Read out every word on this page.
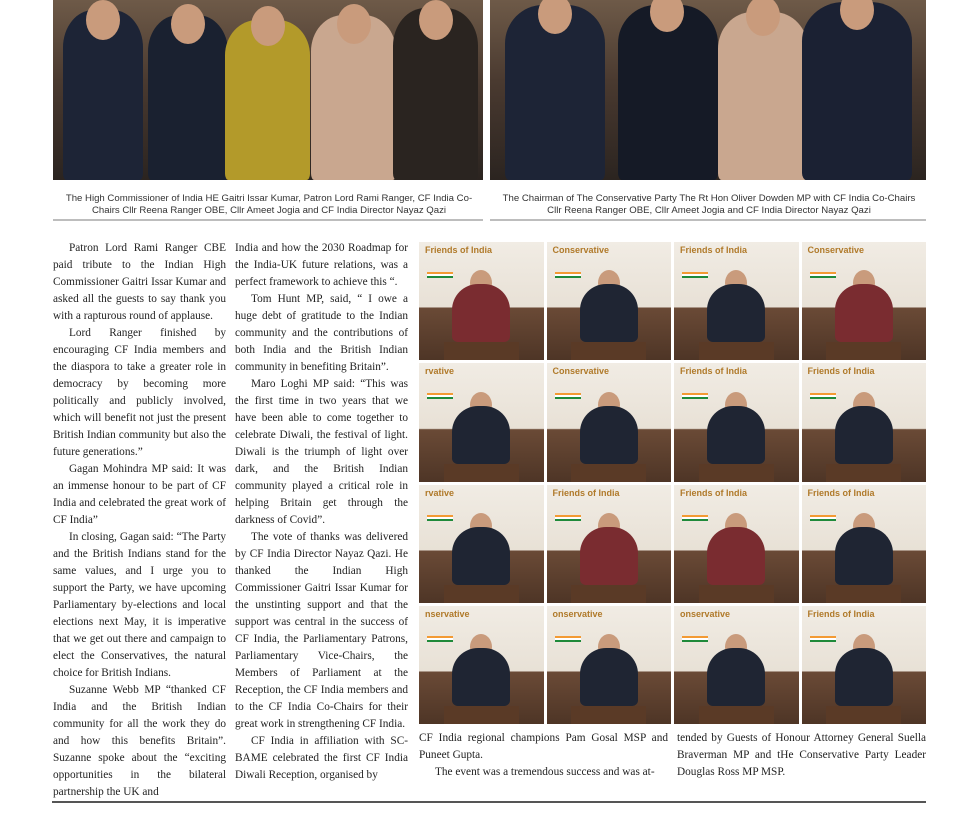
The High Commissioner of India HE Gaitri Issar Kumar, Patron Lord Rami Ranger, CF India Co-Chairs Cllr Reena Ranger OBE, Cllr Ameet Jogia and CF India Director Nayaz Qazi
The Chairman of The Conservative Party The Rt Hon Oliver Dowden MP with CF India Co-Chairs Cllr Reena Ranger OBE, Cllr Ameet Jogia and CF India Director Nayaz Qazi

Patron Lord Rami Ranger CBE paid tribute to the Indian High Commissioner Gaitri Issar Kumar and asked all the guests to say thank you with a rapturous round of applause.

Lord Ranger finished by encouraging CF India members and the diaspora to take a greater role in democracy by becoming more politically and publicly involved, which will benefit not just the present British Indian community but also the future generations.”

Gagan Mohindra MP said: It was an immense honour to be part of CF India and celebrated the great work of CF India”

In closing, Gagan said: “The Party and the British Indians stand for the same values, and I urge you to support the Party, we have upcoming Parliamentary by-elections and local elections next May, it is imperative that we get out there and campaign to elect the Conservatives, the natural choice for British Indians.

Suzanne Webb MP “thanked CF India and the British Indian community for all the work they do and how this benefits Britain”. Suzanne spoke about the “exciting opportunities in the bilateral partnership the UK and

India and how the 2030 Roadmap for the India-UK future relations, was a perfect framework to achieve this “.

Tom Hunt MP, said, “ I owe a huge debt of gratitude to the Indian community and the contributions of both India and the British Indian community in benefiting Britain”.

Maro Loghi MP said: “This was the first time in two years that we have been able to come together to celebrate Diwali, the festival of light. Diwali is the triumph of light over dark, and the British Indian community played a critical role in helping Britain get through the darkness of Covid”.

The vote of thanks was delivered by CF India Director Nayaz Qazi. He thanked the Indian High Commissioner Gaitri Issar Kumar for the unstinting support and that the support was central in the success of CF India, the Parliamentary Patrons, Parliamentary Vice-Chairs, the Members of Parliament at the Reception, the CF India members and to the CF India Co-Chairs for their great work in strengthening CF India.

CF India in affiliation with SC-BAME celebrated the first CF India Diwali Reception, organised by

Friends of India	Conservative	Friends of India	Conservative
rvative	Conservative	Friends of India	Friends of India
rvative	Friends of India	Friends of India	Friends of India
nservative	onservative	onservative	Friends of India

CF India regional champions Pam Gosal MSP and Puneet Gupta.

The event was a tremendous success and was at-

tended by Guests of Honour Attorney General Suella Braverman MP and tHe Conservative Party Leader Douglas Ross MP MSP.
